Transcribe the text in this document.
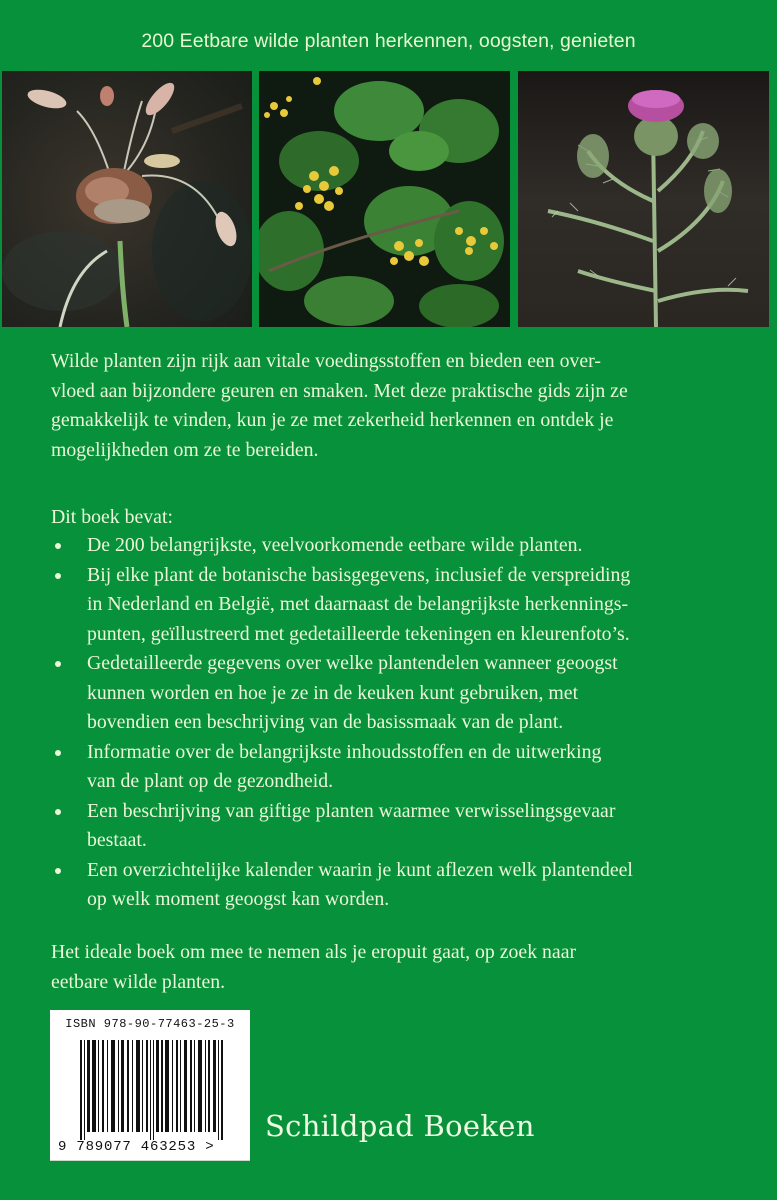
200 Eetbare wilde planten herkennen, oogsten, genieten
Wilde planten zijn rijk aan vitale voedingsstoffen en bieden een over-
vloed aan bijzondere geuren en smaken. Met deze praktische gids zijn ze
gemakkelijk te vinden, kun je ze met zekerheid herkennen en ontdek je
mogelijkheden om ze te bereiden.
Dit boek bevat:
De 200 belangrijkste, veelvoorkomende eetbare wilde planten.
Bij elke plant de botanische basisgegevens, inclusief de verspreiding
in Nederland en België, met daarnaast de belangrijkste herkennings-
punten, geïllustreerd met gedetailleerde tekeningen en kleurenfoto’s.
Gedetailleerde gegevens over welke plantendelen wanneer geoogst
kunnen worden en hoe je ze in de keuken kunt gebruiken, met
bovendien een beschrijving van de basissmaak van de plant.
Informatie over de belangrijkste inhoudsstoffen en de uitwerking
van de plant op de gezondheid.
Een beschrijving van giftige planten waarmee verwisselingsgevaar
bestaat.
Een overzichtelijke kalender waarin je kunt aflezen welk plantendeel
op welk moment geoogst kan worden.
Het ideale boek om mee te nemen als je eropuit gaat, op zoek naar
eetbare wilde planten.
ISBN 978-90-77463-25-3
9 789077 463253 >
Schildpad Boeken
